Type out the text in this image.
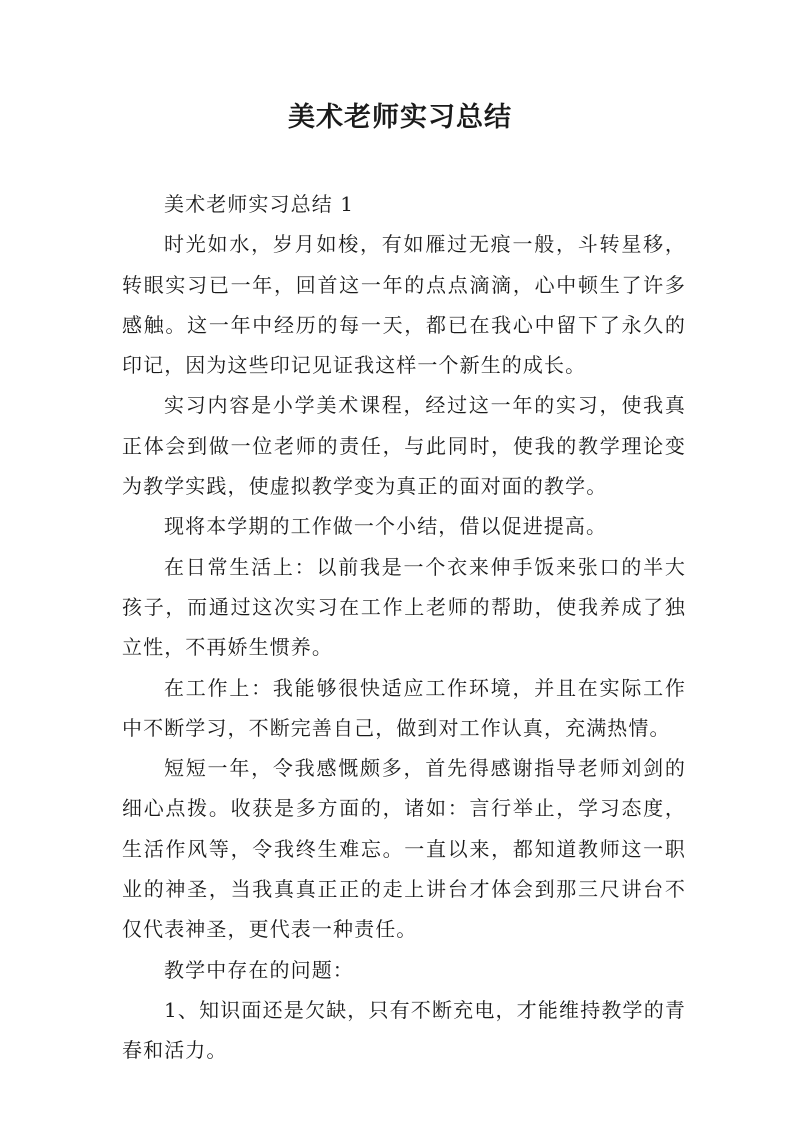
美术老师实习总结

美术老师实习总结 1

时光如水，岁月如梭，有如雁过无痕一般，斗转星移，转眼实习已一年，回首这一年的点点滴滴，心中顿生了许多感触。这一年中经历的每一天，都已在我心中留下了永久的印记，因为这些印记见证我这样一个新生的成长。

实习内容是小学美术课程，经过这一年的实习，使我真正体会到做一位老师的责任，与此同时，使我的教学理论变为教学实践，使虚拟教学变为真正的面对面的教学。

现将本学期的工作做一个小结，借以促进提高。

在日常生活上：以前我是一个衣来伸手饭来张口的半大孩子，而通过这次实习在工作上老师的帮助，使我养成了独立性，不再娇生惯养。

在工作上：我能够很快适应工作环境，并且在实际工作中不断学习，不断完善自己，做到对工作认真，充满热情。

短短一年，令我感慨颇多，首先得感谢指导老师刘剑的细心点拨。收获是多方面的，诸如：言行举止，学习态度，生活作风等，令我终生难忘。一直以来，都知道教师这一职业的神圣，当我真真正正的走上讲台才体会到那三尺讲台不仅代表神圣，更代表一种责任。

教学中存在的问题：

1、知识面还是欠缺，只有不断充电，才能维持教学的青春和活力。
